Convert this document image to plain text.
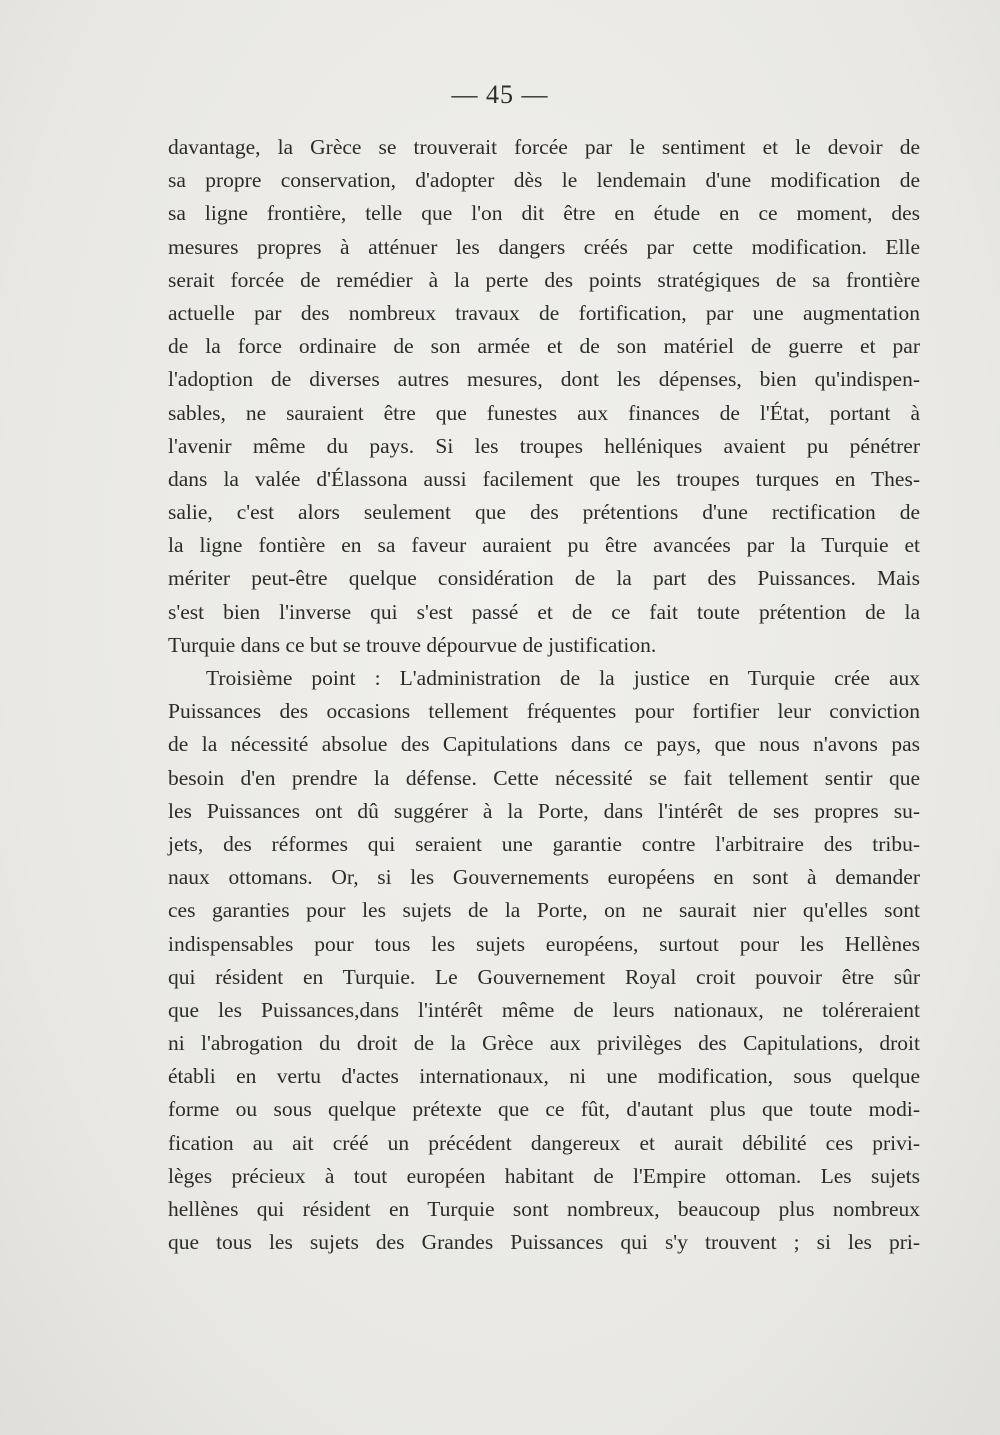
— 45 —
davantage, la Grèce se trouverait forcée par le sentiment et le devoir de
sa propre conservation, d'adopter dès le lendemain d'une modification de
sa ligne frontière, telle que l'on dit être en étude en ce moment, des
mesures propres à atténuer les dangers créés par cette modification. Elle
serait forcée de remédier à la perte des points stratégiques de sa frontière
actuelle par des nombreux travaux de fortification, par une augmentation
de la force ordinaire de son armée et de son matériel de guerre et par
l'adoption de diverses autres mesures, dont les dépenses, bien qu'indispen-
sables, ne sauraient être que funestes aux finances de l'État, portant à
l'avenir même du pays. Si les troupes helléniques avaient pu pénétrer
dans la valée d'Élassona aussi facilement que les troupes turques en Thes-
salie, c'est alors seulement que des prétentions d'une rectification de
la ligne fontière en sa faveur auraient pu être avancées par la Turquie et
mériter peut-être quelque considération de la part des Puissances. Mais
s'est bien l'inverse qui s'est passé et de ce fait toute prétention de la
Turquie dans ce but se trouve dépourvue de justification.
Troisième point : L'administration de la justice en Turquie crée aux
Puissances des occasions tellement fréquentes pour fortifier leur conviction
de la nécessité absolue des Capitulations dans ce pays, que nous n'avons pas
besoin d'en prendre la défense. Cette nécessité se fait tellement sentir que
les Puissances ont dû suggérer à la Porte, dans l'intérêt de ses propres su-
jets, des réformes qui seraient une garantie contre l'arbitraire des tribu-
naux ottomans. Or, si les Gouvernements européens en sont à demander
ces garanties pour les sujets de la Porte, on ne saurait nier qu'elles sont
indispensables pour tous les sujets européens, surtout pour les Hellènes
qui résident en Turquie. Le Gouvernement Royal croit pouvoir être sûr
que les Puissances,dans l'intérêt même de leurs nationaux, ne toléreraient
ni l'abrogation du droit de la Grèce aux privilèges des Capitulations, droit
établi en vertu d'actes internationaux, ni une modification, sous quelque
forme ou sous quelque prétexte que ce fût, d'autant plus que toute modi-
fication au ait créé un précédent dangereux et aurait débilité ces privi-
lèges précieux à tout européen habitant de l'Empire ottoman. Les sujets
hellènes qui résident en Turquie sont nombreux, beaucoup plus nombreux
que tous les sujets des Grandes Puissances qui s'y trouvent ; si les pri-
